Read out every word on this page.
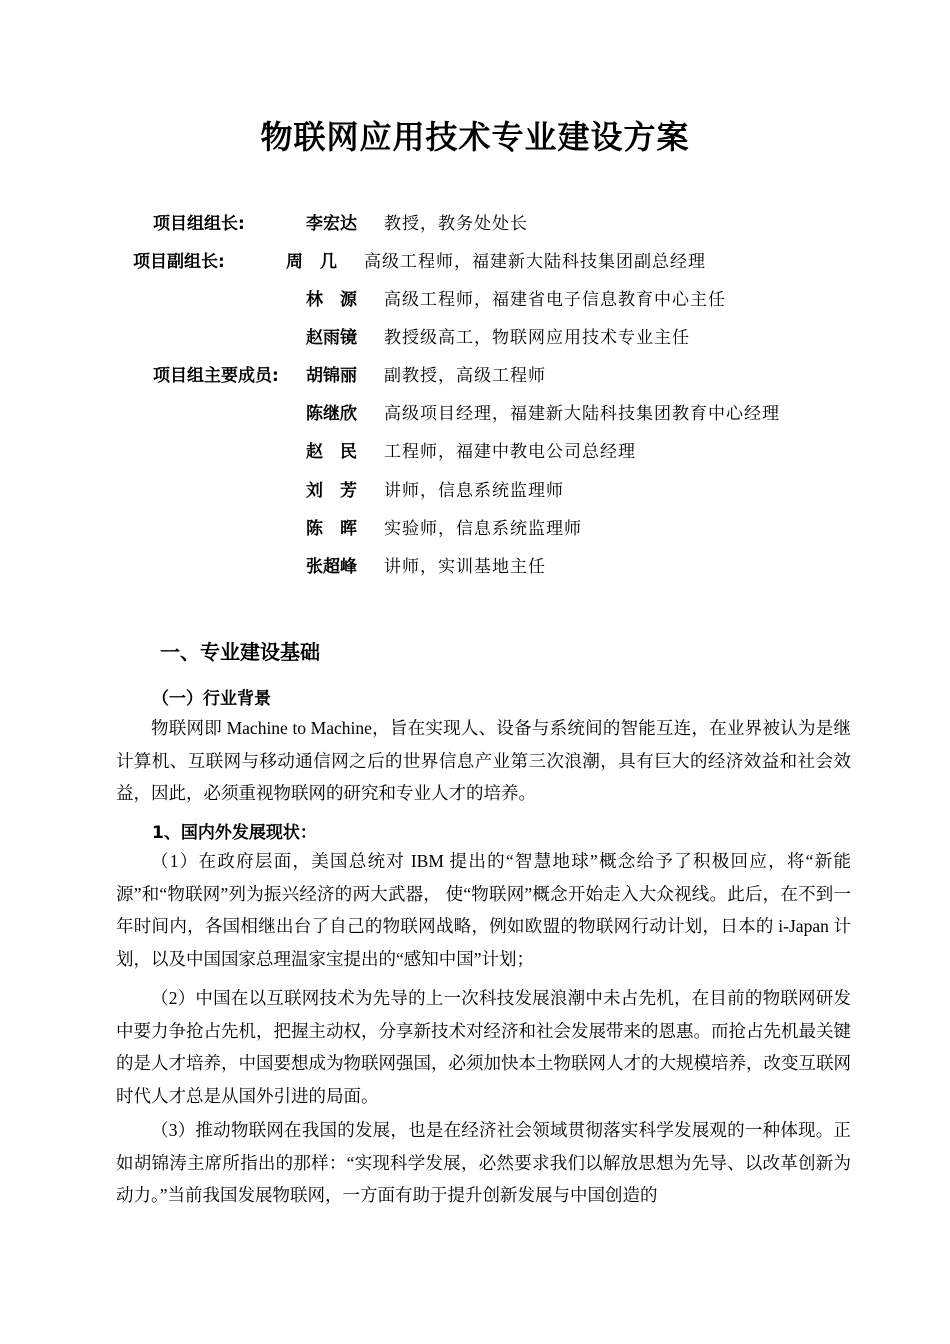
物联网应用技术专业建设方案
项目组组长:	李宏达 教授，教务处处长
项目副组长:	周　几 高级工程师，福建新大陆科技集团副总经理
林　源 高级工程师，福建省电子信息教育中心主任
赵雨镜 教授级高工，物联网应用技术专业主任
项目组主要成员: 胡锦丽 副教授，高级工程师
陈继欣 高级项目经理，福建新大陆科技集团教育中心经理
赵　民 工程师，福建中教电公司总经理
刘　芳 讲师，信息系统监理师
陈　晖 实验师，信息系统监理师
张超峰 讲师，实训基地主任
一、专业建设基础
（一）行业背景
物联网即 Machine to Machine，旨在实现人、设备与系统间的智能互连，在业界被认为是继计算机、互联网与移动通信网之后的世界信息产业第三次浪潮，具有巨大的经济效益和社会效益，因此，必须重视物联网的研究和专业人才的培养。
1、国内外发展现状：
（1）在政府层面，美国总统对 IBM 提出的“智慧地球”概念给予了积极回应，将“新能源”和“物联网”列为振兴经济的两大武器， 使“物联网”概念开始走入大众视线。此后，在不到一年时间内，各国相继出台了自己的物联网战略，例如欧盟的物联网行动计划，日本的 i-Japan 计划，以及中国国家总理温家宝提出的“感知中国”计划；
（2）中国在以互联网技术为先导的上一次科技发展浪潮中未占先机，在目前的物联网研发中要力争抢占先机，把握主动权，分享新技术对经济和社会发展带来的恩惠。而抢占先机最关键的是人才培养，中国要想成为物联网强国，必须加快本土物联网人才的大规模培养，改变互联网时代人才总是从国外引进的局面。
（3）推动物联网在我国的发展，也是在经济社会领域贯彻落实科学发展观的一种体现。正如胡锦涛主席所指出的那样：“实现科学发展，必然要求我们以解放思想为先导、以改革创新为动力。”当前我国发展物联网，一方面有助于提升创新发展与中国创造的
